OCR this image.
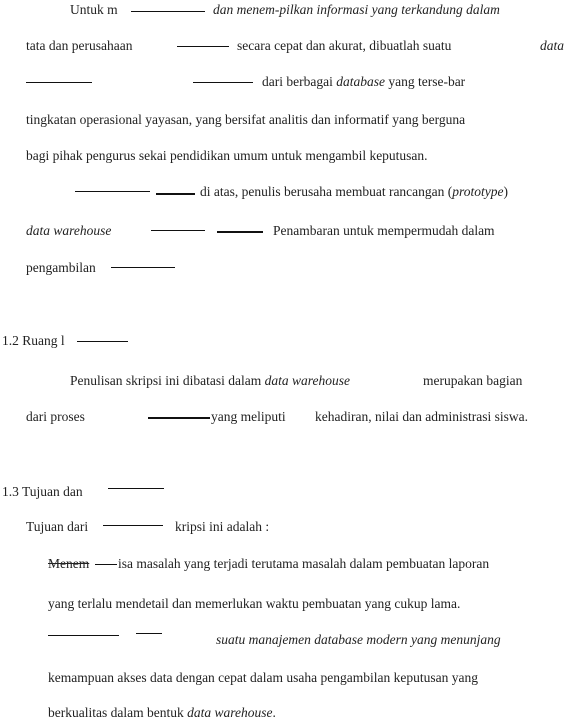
Untuk m	dan menem-pilkan informasi yang terkandung dalam
tata dan perusahaan	secara cepat dan akurat, dibuatlah suatu	data
dari berbagai database yang terse-bar
tingkatan operasional yayasan, yang bersifat analitis dan informatif yang berguna
bagi pihak pengurus sekai pendidikan umum untuk mengambil keputusan.
di atas, penulis berusaha membuat rancangan (prototype)
data warehouse	Penambaran untuk mempermudah dalam
pengambilan
1.2 Ruang l
Penulisan skripsi ini dibatasi dalam data warehouse	merupakan bagian
dari proses	yang meliputi kehadiran, nilai dan administrasi siswa.
1.3 Tujuan dan
Tujuan dari	kripsi ini adalah :
Menem isa masalah yang terjadi terutama masalah dalam pembuatan laporan
yang terlalu mendetail dan memerlukan waktu pembuatan yang cukup lama.
suatu manajemen database modern yang menunjang
kemampuan akses data dengan cepat dalam usaha pengambilan keputusan yang
berkualitas dalam bentuk data warehouse.
